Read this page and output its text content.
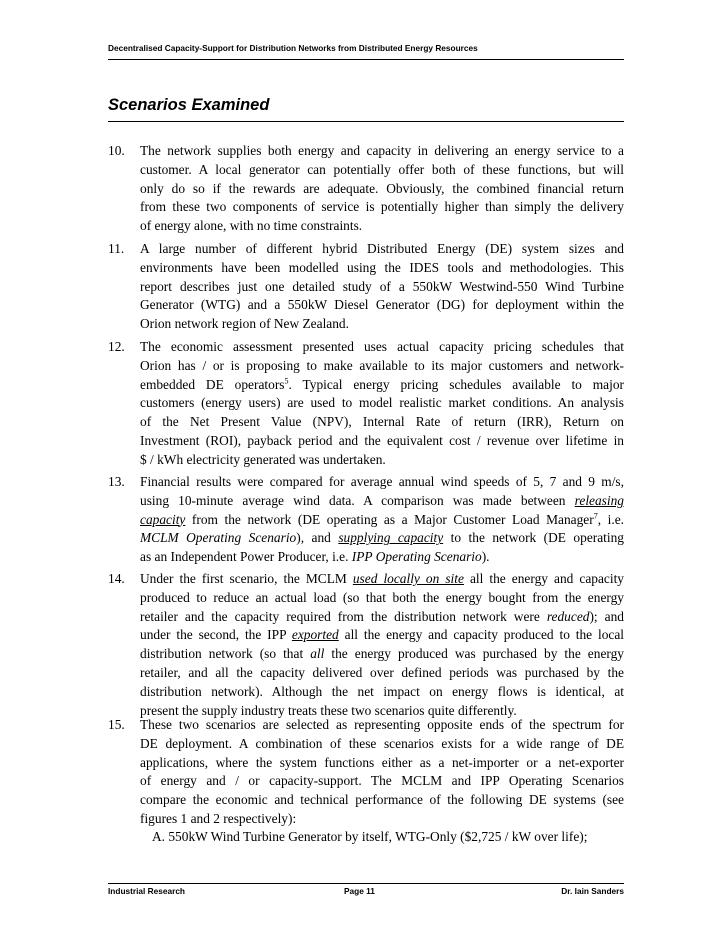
Decentralised Capacity-Support for Distribution Networks from Distributed Energy Resources
Scenarios Examined
10. The network supplies both energy and capacity in delivering an energy service to a
customer. A local generator can potentially offer both of these functions, but will
only do so if the rewards are adequate. Obviously, the combined financial return
from these two components of service is potentially higher than simply the delivery
of energy alone, with no time constraints.
11. A large number of different hybrid Distributed Energy (DE) system sizes and
environments have been modelled using the IDES tools and methodologies. This
report describes just one detailed study of a 550kW Westwind-550 Wind Turbine
Generator (WTG) and a 550kW Diesel Generator (DG) for deployment within the
Orion network region of New Zealand.
12. The economic assessment presented uses actual capacity pricing schedules that
Orion has / or is proposing to make available to its major customers and network-
embedded DE operators$^5$. Typical energy pricing schedules available to major
customers (energy users) are used to model realistic market conditions. An analysis
of the Net Present Value (NPV), Internal Rate of return (IRR), Return on
Investment (ROI), payback period and the equivalent cost / revenue over lifetime in
$ / kWh electricity generated was undertaken.
13. Financial results were compared for average annual wind speeds of 5, 7 and 9 m/s,
using 10-minute average wind data. A comparison was made between releasing
capacity from the network (DE operating as a Major Customer Load Manager$^7$, i.e.
MCLM Operating Scenario), and supplying capacity to the network (DE operating
as an Independent Power Producer, i.e. IPP Operating Scenario).
14. Under the first scenario, the MCLM used locally on site all the energy and capacity
produced to reduce an actual load (so that both the energy bought from the energy
retailer and the capacity required from the distribution network were reduced); and
under the second, the IPP exported all the energy and capacity produced to the local
distribution network (so that all the energy produced was purchased by the energy
retailer, and all the capacity delivered over defined periods was purchased by the
distribution network). Although the net impact on energy flows is identical, at
present the supply industry treats these two scenarios quite differently.
15. These two scenarios are selected as representing opposite ends of the spectrum for
DE deployment. A combination of these scenarios exists for a wide range of DE
applications, where the system functions either as a net-importer or a net-exporter
of energy and / or capacity-support. The MCLM and IPP Operating Scenarios
compare the economic and technical performance of the following DE systems (see
figures 1 and 2 respectively):
A. 550kW Wind Turbine Generator by itself, WTG-Only ($2,725 / kW over life);
Industrial Research	Page 11	Dr. Iain Sanders
